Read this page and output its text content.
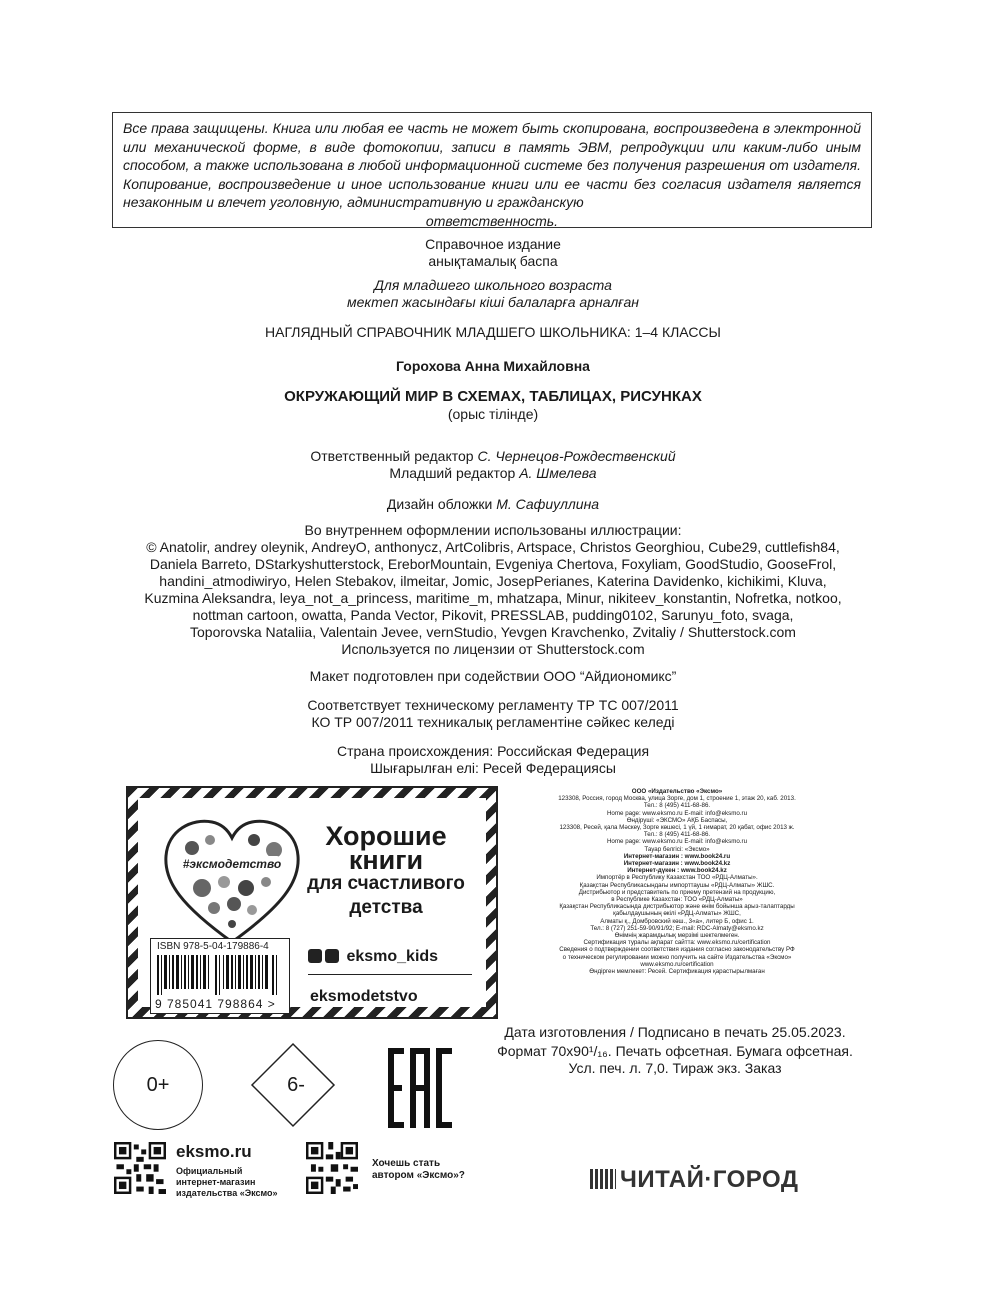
Все права защищены. Книга или любая ее часть не может быть скопирована, воспроизведена в электронной или механической форме, в виде фотокопии, записи в память ЭВМ, репродукции или каким-либо иным способом, а также использована в любой информационной системе без получения разрешения от издателя. Копирование, воспроизведение и иное использование книги или ее части без согласия издателя является незаконным и влечет уголовную, административную и гражданскую
ответственность.
Справочное издание
анықтамалық баспа
Для младшего школьного возраста
мектеп жасындағы кіші балаларға арналған
НАГЛЯДНЫЙ СПРАВОЧНИК МЛАДШЕГО ШКОЛЬНИКА: 1–4 КЛАССЫ
Горохова Анна Михайловна
ОКРУЖАЮЩИЙ МИР В СХЕМАХ, ТАБЛИЦАХ, РИСУНКАХ
(орыс тілінде)
Ответственный редактор С. Чернецов-Рождественский
Младший редактор А. Шмелева
Дизайн обложки М. Сафиуллина
Во внутреннем оформлении использованы иллюстрации:
© Anatolir, andrey oleynik, AndreyO, anthonycz, ArtColibris, Artspace, Christos Georghiou, Cube29, cuttlefish84,
Daniela Barreto, DStarkyshutterstock, EreborMountain, Evgeniya Chertova, Foxyliam, GoodStudio, GooseFrol,
handini_atmodiwiryo, Helen Stebakov, ilmeitar, Jomic, JosepPerianes, Katerina Davidenko, kichikimi, Kluva,
Kuzmina Aleksandra, leya_not_a_princess, maritime_m, mhatzapa, Minur, nikiteev_konstantin, Nofretka, notkoo,
nottman cartoon, owatta, Panda Vector, Pikovit, PRESSLAB, pudding0102, Sarunyu_foto, svaga,
Toporovska Nataliia, Valentain Jevee, vernStudio, Yevgen Kravchenko, Zvitaliy / Shutterstock.com
Используется по лицензии от Shutterstock.com
Макет подготовлен при содействии ООО “Айдиономикс”
Соответствует техническому регламенту ТР ТС 007/2011
КО ТР 007/2011 техникалық регламентіне сәйкес келеді
Страна происхождения: Российская Федерация
Шығарылған елі: Ресей Федерациясы
#эксмодетство
Хорошие
книги
для счастливого
детства
ISBN 978-5-04-179886-4
9 785041 798864 >
eksmo_kids
eksmodetstvo
ООО «Издательство «Эксмо»
123308, Россия, город Москва, улица Зорге, дом 1, строение 1, этаж 20, каб. 2013.
Тел.: 8 (495) 411-68-86.
Home page: www.eksmo.ru E-mail: info@eksmo.ru
Өндіруші: «ЭКСМО» АҚБ Баспасы,
123308, Ресей, қала Мәскеу, Зорге көшесі, 1 үй, 1 ғимарат, 20 қабат, офис 2013 ж.
Тел.: 8 (495) 411-68-86.
Home page: www.eksmo.ru E-mail: info@eksmo.ru
Тауар белгісі: «Эксмо»
Интернет-магазин : www.book24.ru
Интернет-магазин : www.book24.kz
Интернет-дүкен : www.book24.kz
Импортёр в Республику Казахстан ТОО «РДЦ-Алматы».
Қазақстан Республикасындағы импорттаушы «РДЦ-Алматы» ЖШС.
Дистрибьютор и представитель по приему претензий на продукцию,
в Республике Казахстан: ТОО «РДЦ-Алматы»
Қазақстан Республикасында дистрибьютор және өнім бойынша арыз-талаптарды
қабылдаушының өкілі «РДЦ-Алматы» ЖШС,
Алматы қ., Домбровский көш., 3«а», литер Б, офис 1.
Тел.: 8 (727) 251-59-90/91/92; E-mail: RDC-Almaty@eksmo.kz
Өнімнің жарамдылық мерзімі шектелмеген.
Сертификация туралы ақпарат сайтта: www.eksmo.ru/certification
Сведения о подтверждении соответствия издания согласно законодательству РФ
о техническом регулировании можно получить на сайте Издательства «Эксмо»
www.eksmo.ru/certification
Өндірген мемлекет: Ресей. Сертификация қарастырылмаған
Дата изготовления / Подписано в печать 25.05.2023.
Формат 70х90¹/₁₆. Печать офсетная. Бумага офсетная.
Усл. печ. л. 7,0. Тираж экз. Заказ
0+	6-
eksmo.ru
Официальный
интернет-магазин
издательства «Эксмо»
Хочешь стать
автором «Эксмо»?	ЧИТАЙ·ГОРОД
